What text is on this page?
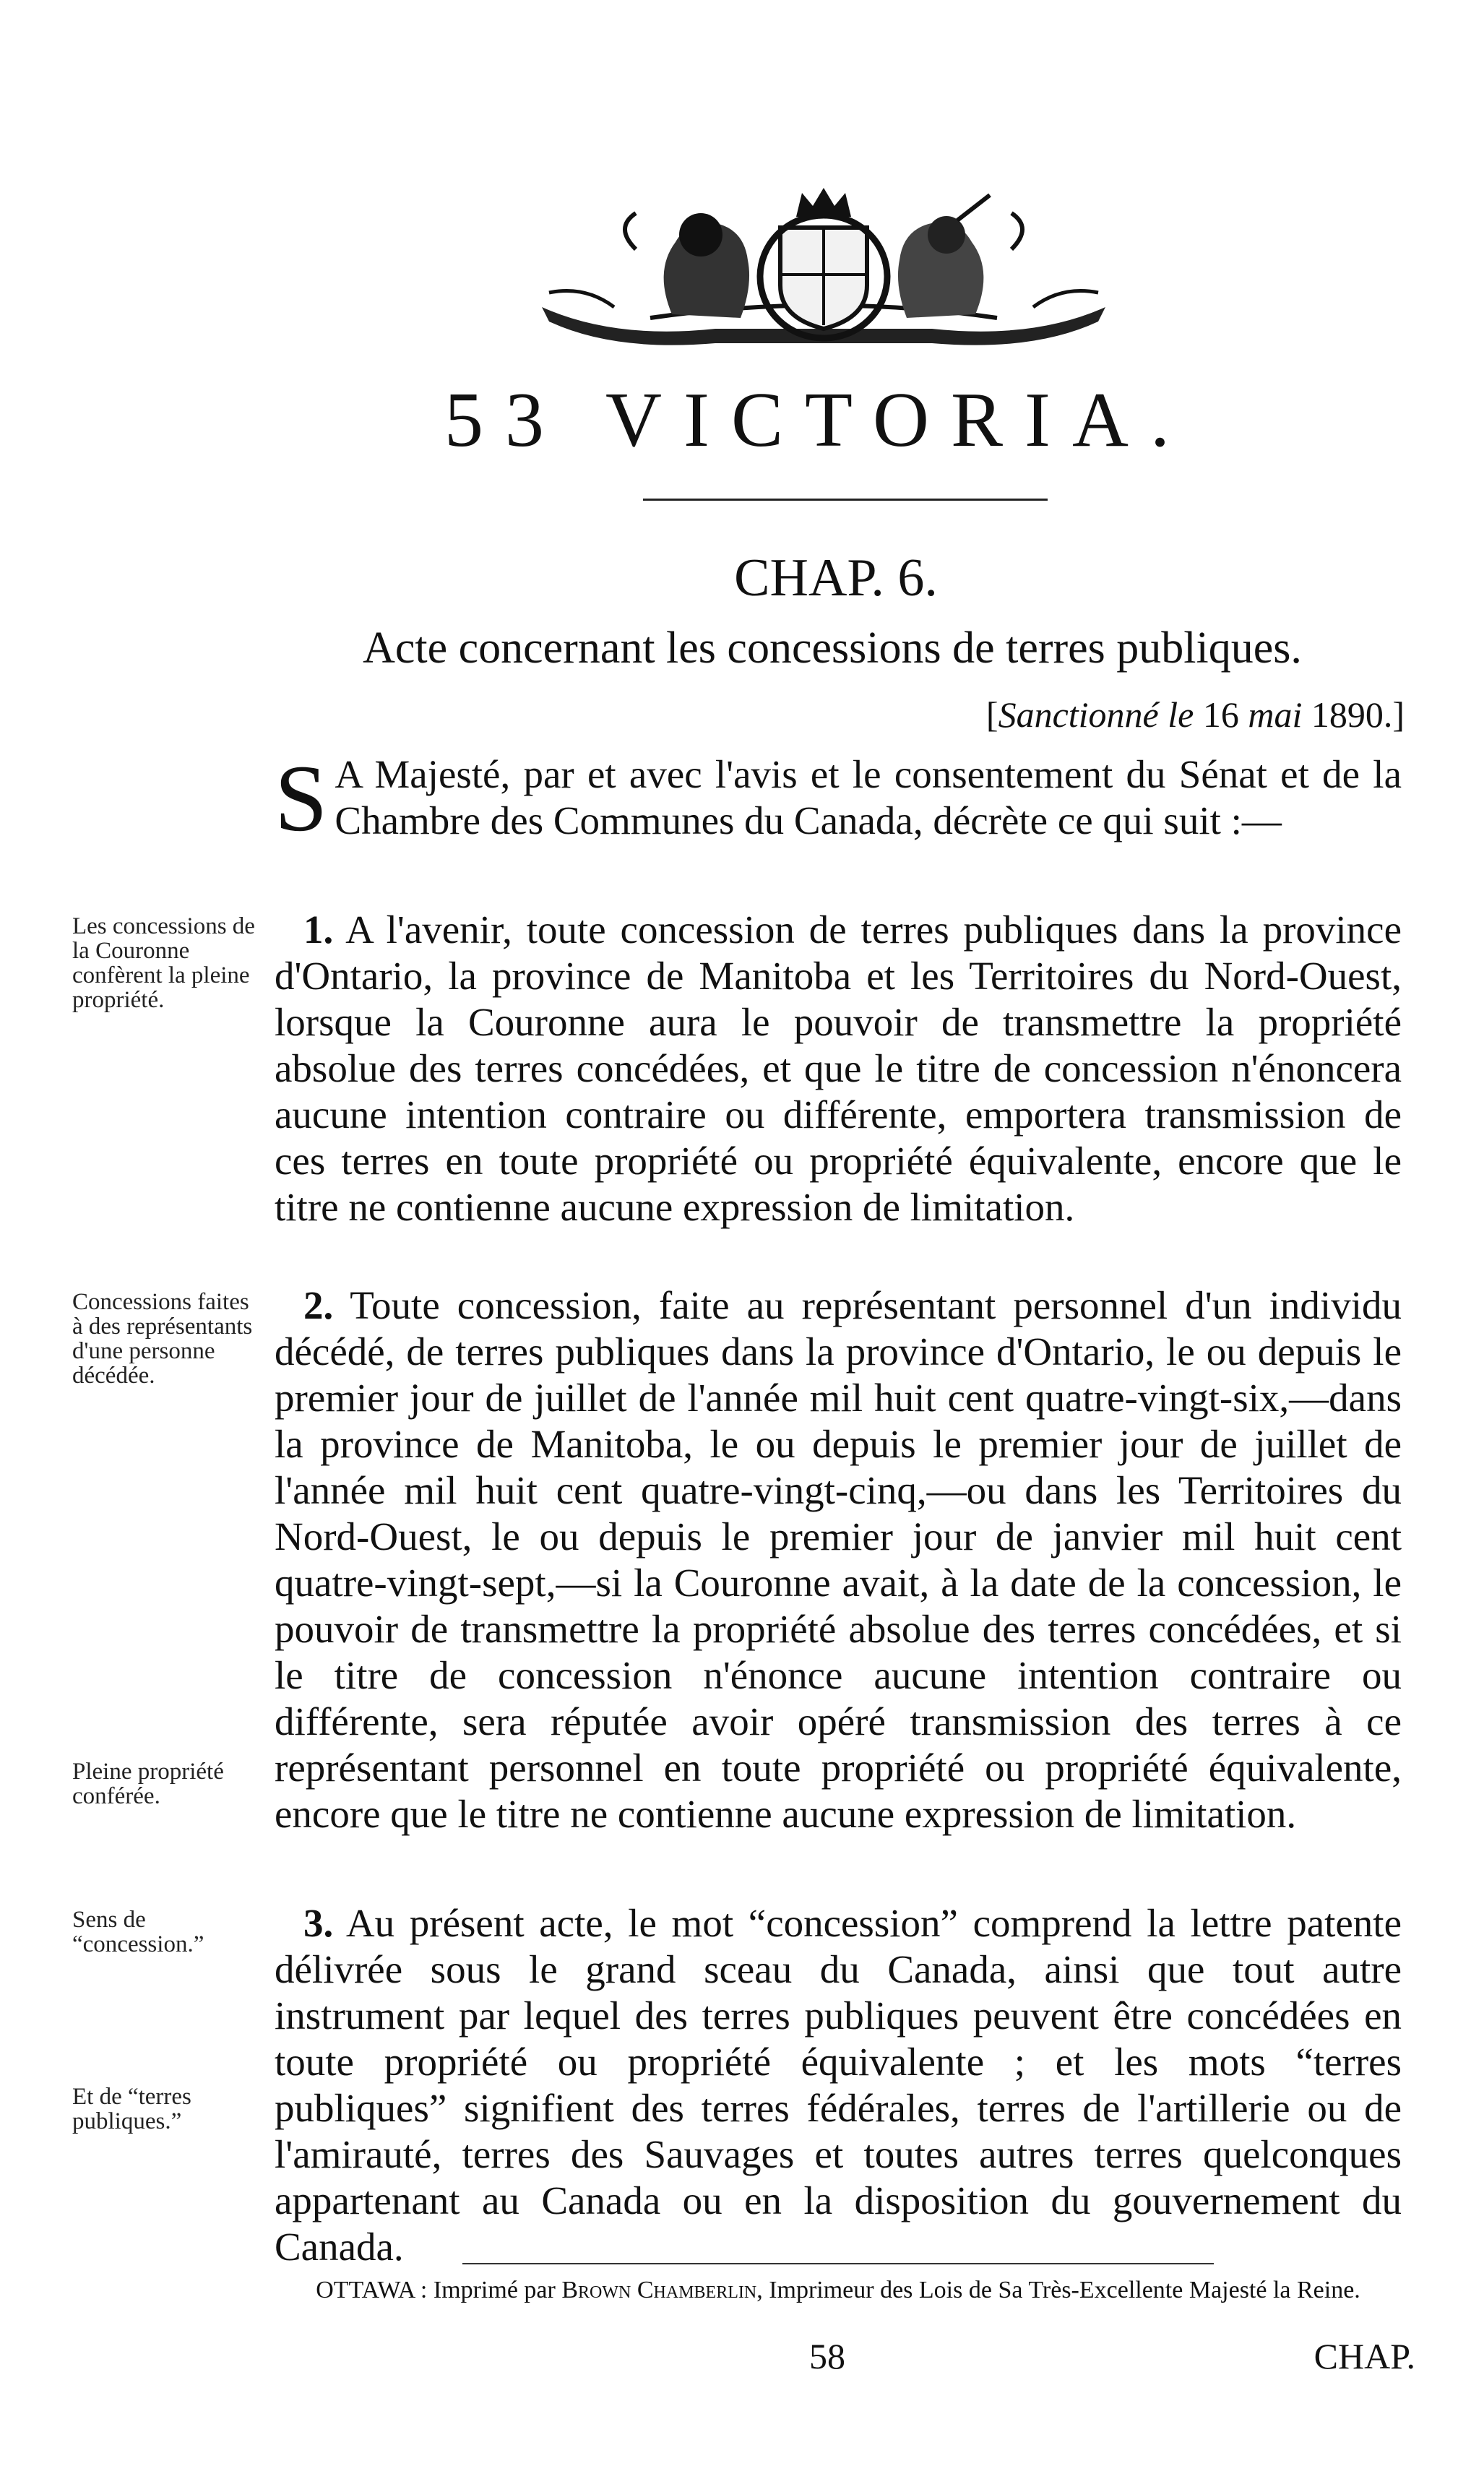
53 VICTORIA.
CHAP. 6.
Acte concernant les concessions de terres publiques.
[Sanctionné le 16 mai 1890.]
S A Majesté, par et avec l'avis et le consentement du Sénat et de la Chambre des Communes du Canada, décrète ce qui suit :—
1. A l'avenir, toute concession de terres publiques dans la province d'Ontario, la province de Manitoba et les Territoires du Nord-Ouest, lorsque la Couronne aura le pouvoir de transmettre la propriété absolue des terres concédées, et que le titre de concession n'énoncera aucune intention contraire ou différente, emportera transmission de ces terres en toute propriété ou propriété équivalente, encore que le titre ne contienne aucune expression de limitation.
2. Toute concession, faite au représentant personnel d'un individu décédé, de terres publiques dans la province d'Ontario, le ou depuis le premier jour de juillet de l'année mil huit cent quatre-vingt-six,—dans la province de Manitoba, le ou depuis le premier jour de juillet de l'année mil huit cent quatre-vingt-cinq,—ou dans les Territoires du Nord-Ouest, le ou depuis le premier jour de janvier mil huit cent quatre-vingt-sept,—si la Couronne avait, à la date de la concession, le pouvoir de transmettre la propriété absolue des terres concédées, et si le titre de concession n'énonce aucune intention contraire ou différente, sera réputée avoir opéré transmission des terres à ce représentant personnel en toute propriété ou propriété équivalente, encore que le titre ne contienne aucune expression de limitation.
3. Au présent acte, le mot “concession” comprend la lettre patente délivrée sous le grand sceau du Canada, ainsi que tout autre instrument par lequel des terres publiques peuvent être concédées en toute propriété ou propriété équivalente ; et les mots “terres publiques” signifient des terres fédérales, terres de l'artillerie ou de l'amirauté, terres des Sauvages et toutes autres terres quelconques appartenant au Canada ou en la disposition du gouvernement du Canada.
Les concessions de la Couronne confèrent la pleine propriété.
Concessions faites à des représentants d'une personne décédée.
Pleine propriété conférée.
Sens de “concession.”
Et de “terres publiques.”
OTTAWA : Imprimé par Brown Chamberlin, Imprimeur des Lois de Sa Très-Excellente Majesté la Reine.
58	CHAP.
